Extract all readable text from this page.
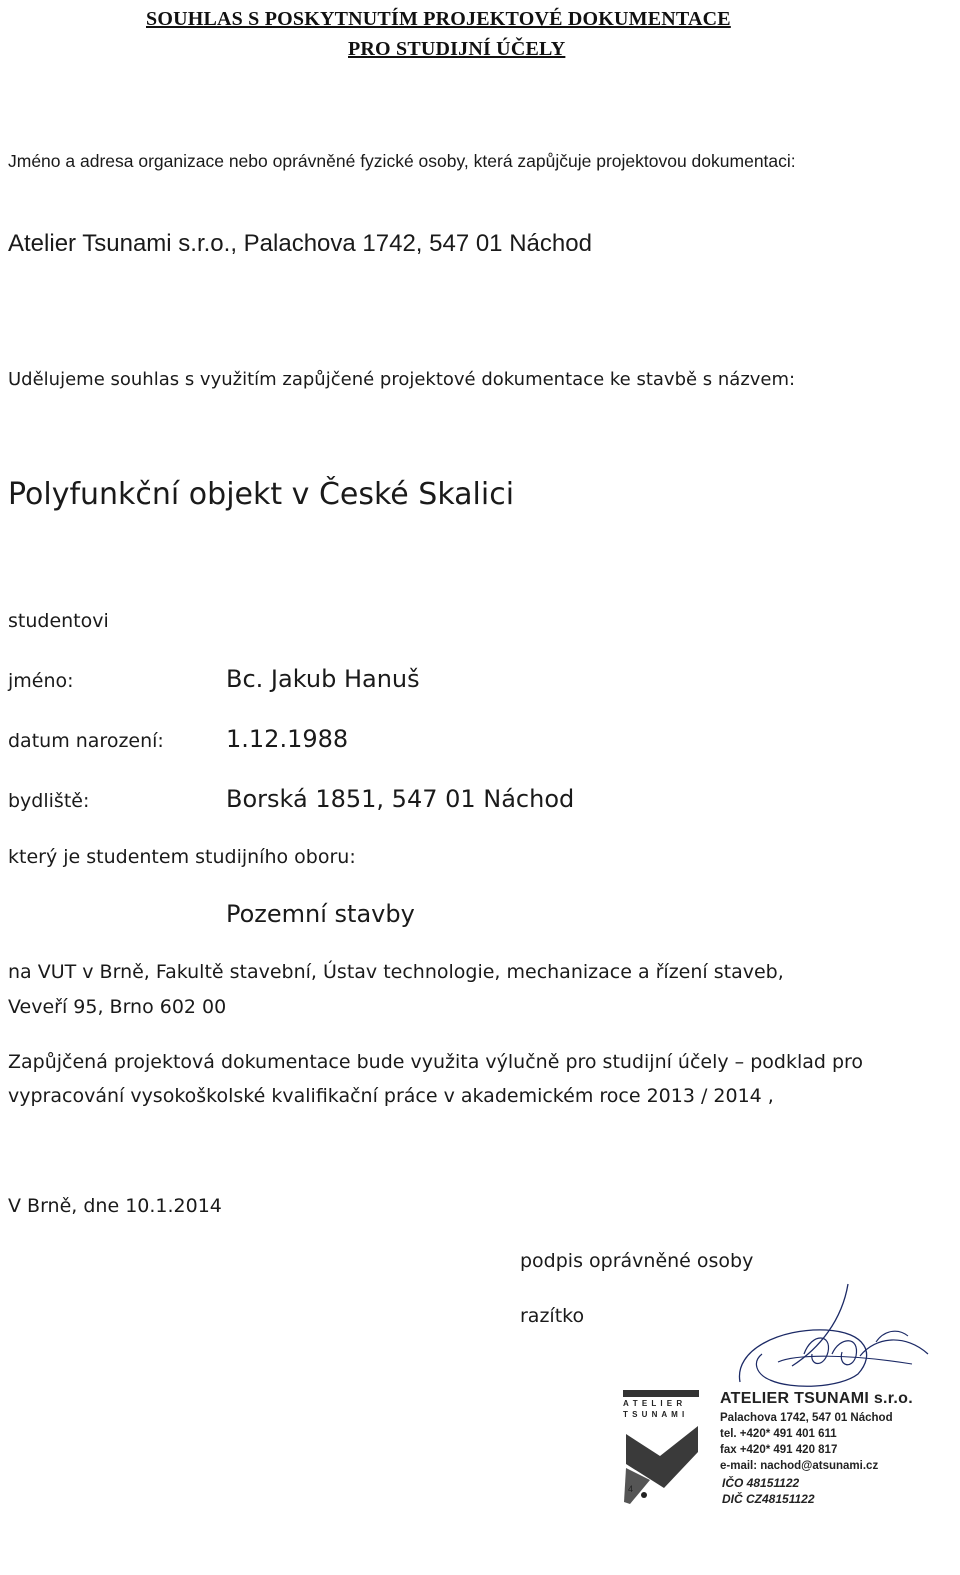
SOUHLAS S POSKYTNUTÍM PROJEKTOVÉ DOKUMENTACE
PRO STUDIJNÍ ÚČELY
Jméno a adresa organizace nebo oprávněné fyzické osoby, která zapůjčuje projektovou dokumentaci:
Atelier Tsunami s.r.o., Palachova 1742, 547 01 Náchod
Udělujeme souhlas s využitím zapůjčené projektové dokumentace ke stavbě s názvem:
Polyfunkční objekt v České Skalici
studentovi
jméno:	Bc. Jakub Hanuš
datum narození:	1.12.1988
bydliště:	Borská 1851, 547 01 Náchod
který je studentem studijního oboru:
Pozemní stavby
na VUT v Brně, Fakultě stavební, Ústav technologie, mechanizace a řízení staveb,
Veveří 95, Brno 602 00
Zapůjčená projektová dokumentace bude využita výlučně pro studijní účely – podklad pro
vypracování vysokoškolské kvalifikační práce v akademickém roce 2013 / 2014 ,
V Brně, dne 10.1.2014
podpis oprávněné osoby
razítko
A T E L I E R
T S U N A M I
4
ATELIER TSUNAMI s.r.o.
Palachova 1742, 547 01 Náchod
tel. +420* 491 401 611
fax +420* 491 420 817
e-mail: nachod@atsunami.cz
IČO 48151122
DIČ CZ48151122
